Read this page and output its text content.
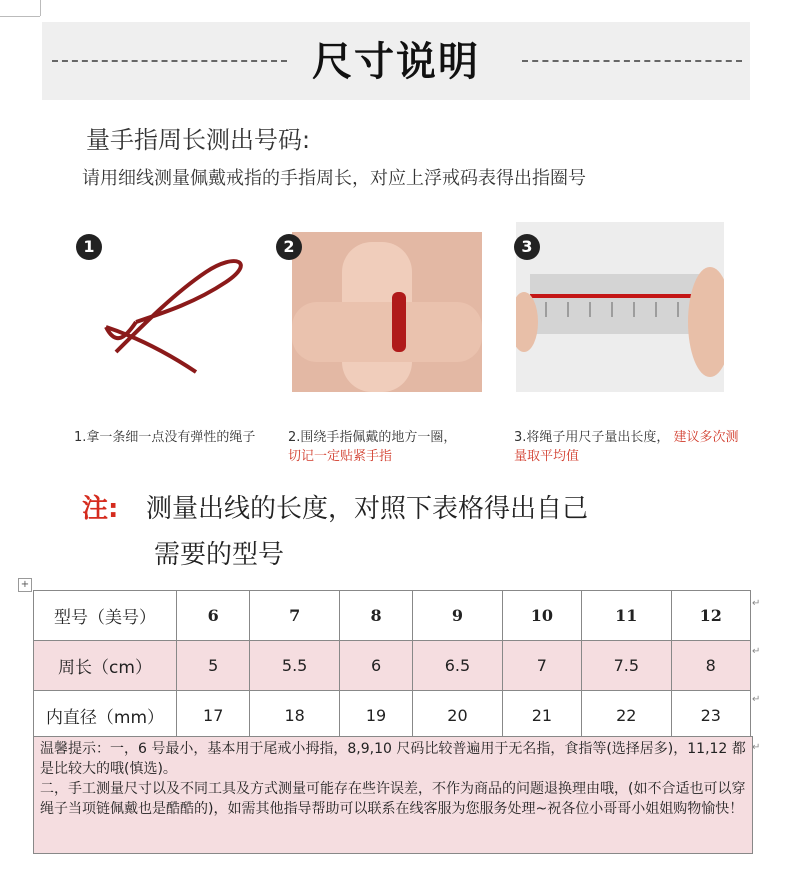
尺寸说明
量手指周长测出号码:
请用细线测量佩戴戒指的手指周长，对应上浮戒码表得出指圈号
1	2	3
1.拿一条细一点没有弹性的绳子	2.围绕手指佩戴的地方一圈，
切记一定贴紧手指
3.将绳子用尺子量出长度， 建议多次测量取平均值
注: 测量出线的长度，对照下表格得出自己
需要的型号
+
型号（美号）	6	7	8	9	10	11	12
周长（cm）	5	5.5	6	6.5	7	7.5	8
内直径（mm）	17	18	19	20	21	22	23
温馨提示：一，6 号最小，基本用于尾戒小拇指，8,9,10 尺码比较普遍用于无名指，食指等(选择居多)，11,12 都是比较大的哦(慎选)。
二，手工测量尺寸以及不同工具及方式测量可能存在些许误差，不作为商品的问题退换理由哦，(如不合适也可以穿绳子当项链佩戴也是酷酷的)，如需其他指导帮助可以联系在线客服为您服务处理~祝各位小哥哥小姐姐购物愉快！
↵
↵
↵
↵
